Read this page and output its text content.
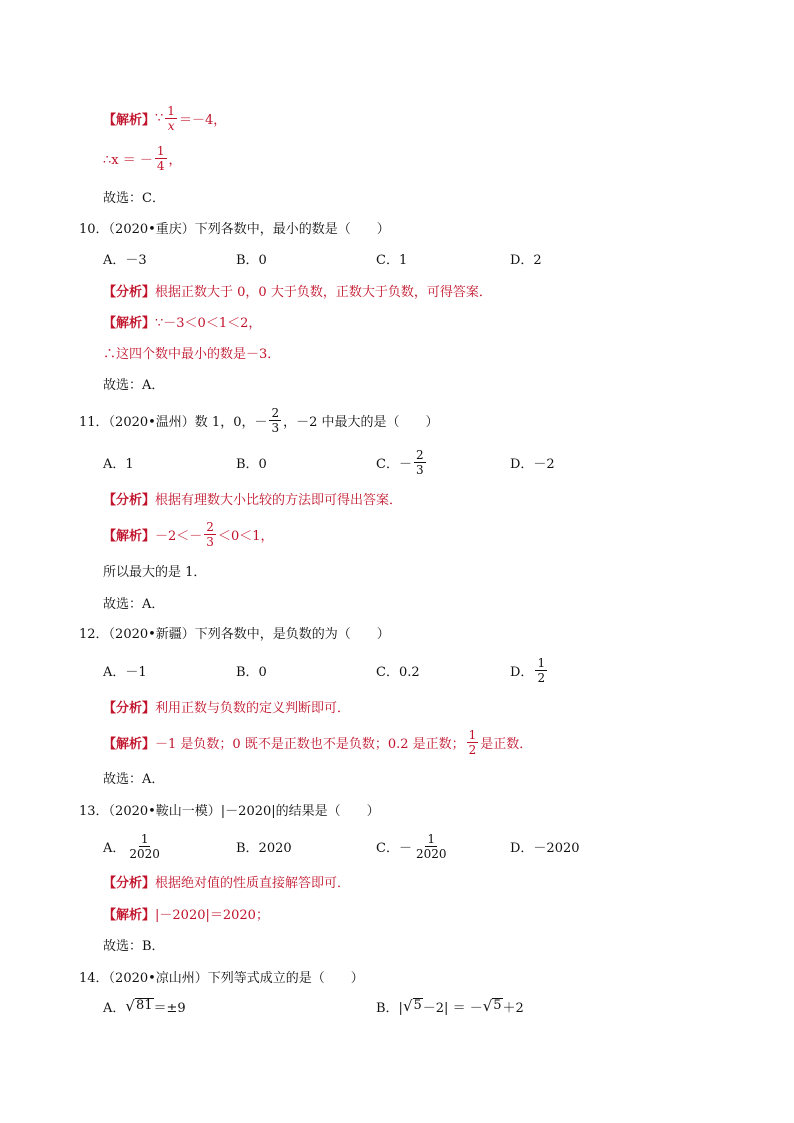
【解析】 ∵ $\frac{1}{x} =-4$，
∴x ＝ － $\frac{1}{4}$ ，
故选：C．
10．（2020•重庆）下列各数中，最小的数是（　　）
A．－3	B．0	C．1	D．2
【分析】 根据正数大于 0，0 大于负数，正数大于负数，可得答案．
【解析】 ∵－3＜0＜1＜2，
∴这四个数中最小的数是－3．
故选：A．
11．（2020•温州）数 1，0，－ $\frac{2}{3}$ ，－2 中最大的是（　　）
A．1	B．0	C．－ $\frac{2}{3}$	D．－2
【分析】 根据有理数大小比较的方法即可得出答案．
【解析】 $-2<- \frac{2}{3} <0<1$，
所以最大的是 1．
故选：A．
12．（2020•新疆）下列各数中，是负数的为（　　）
A．－1	B．0	C．0.2	D． $\frac{1}{2}$
【分析】 利用正数与负数的定义判断即可．
【解析】 －1 是负数；0 既不是正数也不是负数；0.2 是正数； $\frac{1}{2}$ 是正数．
故选：A．
13．（2020•鞍山一模）|－2020|的结果是（　　）
A． $\frac{1}{2020}$	B．2020	C．－ $\frac{1}{2020}$	D．－2020
【分析】 根据绝对值的性质直接解答即可．
【解析】 |－2020|＝2020；
故选：B．
14．（2020•凉山州）下列等式成立的是（　　）
A． √ 81 ＝±9	B．| √ 5 －2| ＝ － √ 5 ＋2
